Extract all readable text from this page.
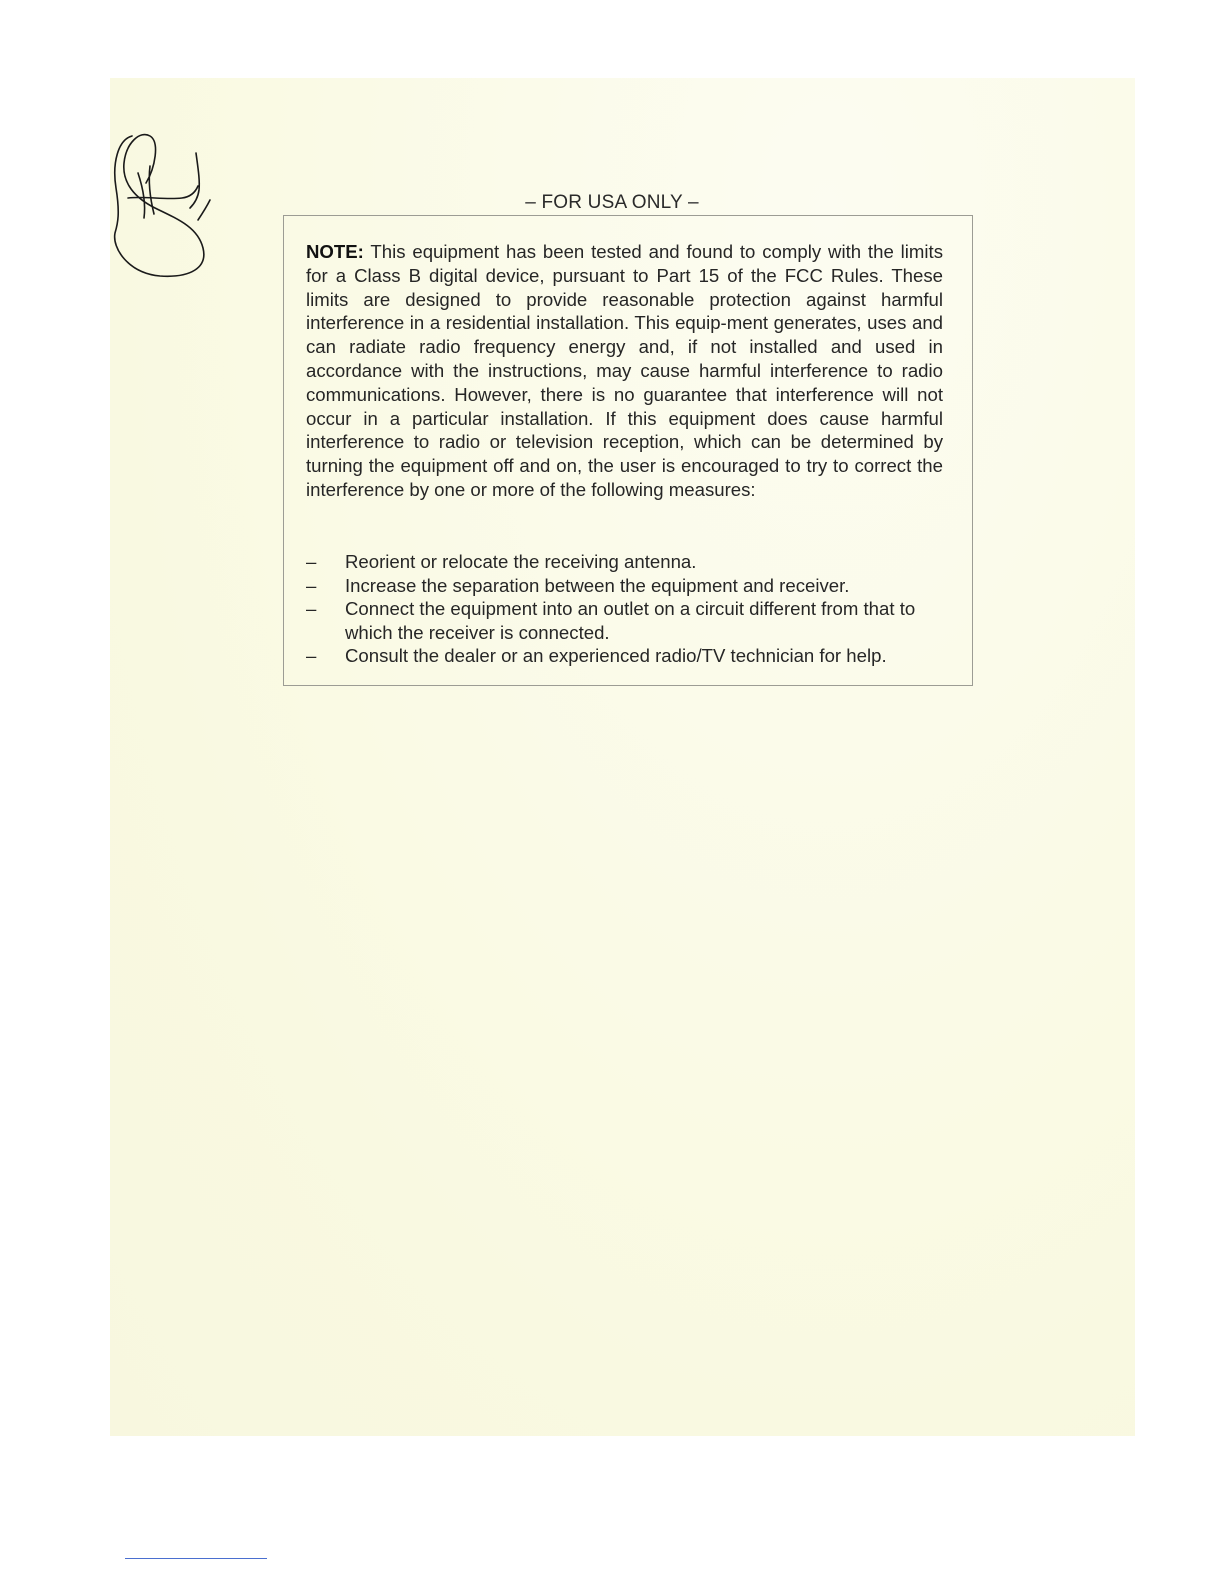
– FOR USA ONLY –

NOTE: This equipment has been tested and found to comply with the limits for a Class B digital device, pursuant to Part 15 of the FCC Rules. These limits are designed to provide reasonable protection against harmful interference in a residential installation. This equip-ment generates, uses and can radiate radio frequency energy and, if not installed and used in accordance with the instructions, may cause harmful interference to radio communications. However, there is no guarantee that interference will not occur in a particular installation. If this equipment does cause harmful interference to radio or television reception, which can be determined by turning the equipment off and on, the user is encouraged to try to correct the interference by one or more of the following measures:

– Reorient or relocate the receiving antenna.
– Increase the separation between the equipment and receiver.
– Connect the equipment into an outlet on a circuit different from that to which the receiver is connected.
– Consult the dealer or an experienced radio/TV technician for help.
